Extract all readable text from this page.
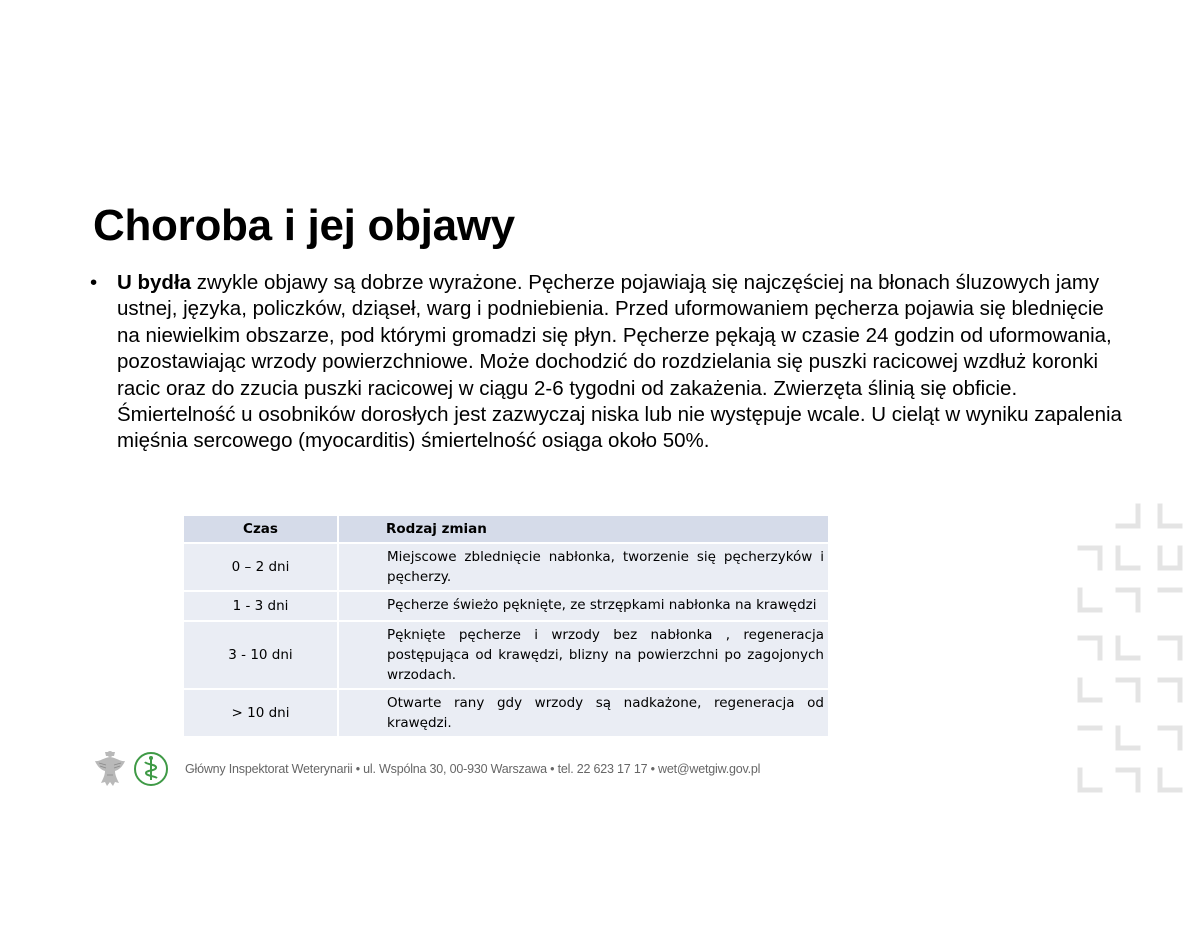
Choroba i jej objawy
• U bydła zwykle objawy są dobrze wyrażone. Pęcherze pojawiają się najczęściej na błonach śluzowych jamy ustnej, języka, policzków, dziąseł, warg i podniebienia. Przed uformowaniem pęcherza pojawia się blednięcie na niewielkim obszarze, pod którymi gromadzi się płyn. Pęcherze pękają w czasie 24 godzin od uformowania, pozostawiając wrzody powierzchniowe. Może dochodzić do rozdzielania się puszki racicowej wzdłuż koronki racic oraz do zzucia puszki racicowej w ciągu 2-6 tygodni od zakażenia. Zwierzęta ślinią się obficie. Śmiertelność u osobników dorosłych jest zazwyczaj niska lub nie występuje wcale. U cieląt w wyniku zapalenia mięśnia sercowego (myocarditis) śmiertelność osiąga około 50%.
Czas	Rodzaj zmian
0 – 2 dni	Miejscowe zblednięcie nabłonka, tworzenie się pęcherzyków i pęcherzy.
1 - 3 dni	Pęcherze świeżo pęknięte, ze strzępkami nabłonka na krawędzi
3 - 10 dni	Pęknięte pęcherze i wrzody bez nabłonka , regeneracja postępująca od krawędzi, blizny na powierzchni po zagojonych wrzodach.
> 10 dni	Otwarte rany gdy wrzody są nadkażone, regeneracja od krawędzi.
Główny Inspektorat Weterynarii • ul. Wspólna 30, 00-930 Warszawa • tel. 22 623 17 17 • wet@wetgiw.gov.pl
